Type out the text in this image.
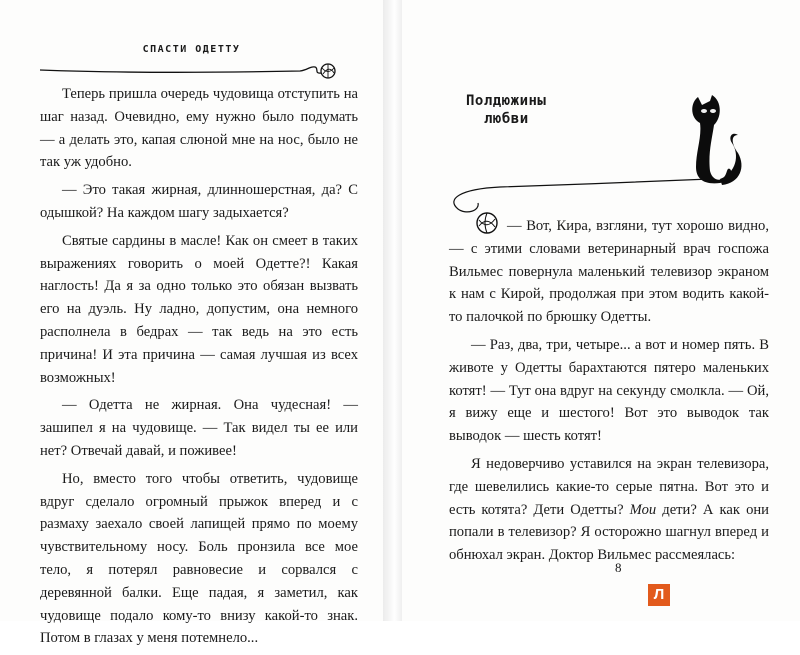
СПАСТИ ОДЕТТУ

Теперь пришла очередь чудовища отступить на шаг назад. Очевидно, ему нужно было подумать — а делать это, капая слюной мне на нос, было не так уж удобно.

— Это такая жирная, длинношерстная, да? С одышкой? На каждом шагу задыхается?

Святые сардины в масле! Как он смеет в таких выражениях говорить о моей Одетте?! Какая наглость! Да я за одно только это обязан вызвать его на дуэль. Ну ладно, допустим, она немного располнела в бедрах — так ведь на это есть причина! И эта причина — самая лучшая из всех возможных!

— Одетта не жирная. Она чудесная! — зашипел я на чудовище. — Так видел ты ее или нет? Отвечай давай, и поживее!

Но, вместо того чтобы ответить, чудовище вдруг сделало огромный прыжок вперед и с размаху заехало своей лапищей прямо по моему чувствительному носу. Боль пронзила все мое тело, я потерял равновесие и сорвался с деревянной балки. Еще падая, я заметил, как чудовище подало кому-то внизу какой-то знак. Потом в глазах у меня потемнело...

Полдюжины
любви

— Вот, Кира, взгляни, тут хорошо видно, — с этими словами ветеринарный врач госпожа Вильмес повернула маленький телевизор экраном к нам с Кирой, продолжая при этом водить какой-то палочкой по брюшку Одетты.

— Раз, два, три, четыре... а вот и номер пять. В животе у Одетты барахтаются пятеро маленьких котят! — Тут она вдруг на секунду смолкла. — Ой, я вижу еще и шестого! Вот это выводок так выводок — шесть котят!

Я недоверчиво уставился на экран телевизора, где шевелились какие-то серые пятна. Вот это и есть котята? Дети Одетты? Мои дети? А как они попали в телевизор? Я осторожно шагнул вперед и обнюхал экран. Доктор Вильмес рассмеялась:

8
Л
